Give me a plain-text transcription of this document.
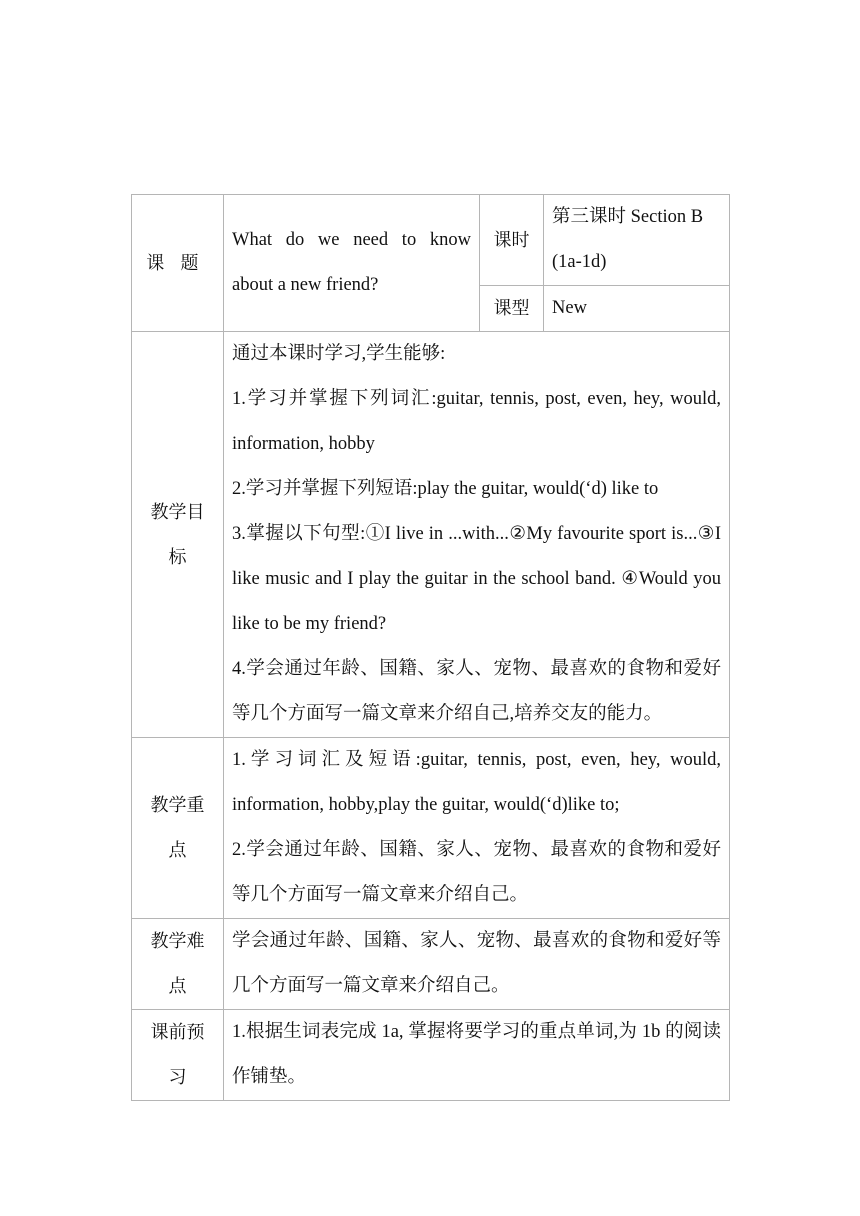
课题	What do we need to know about a new friend?	课时	第三课时 Section B (1a-1d)
		课型	New
教学目标	通过本课时学习,学生能够:

1.学习并掌握下列词汇:guitar, tennis, post, even, hey, would, information, hobby

2.学习并掌握下列短语:play the guitar, would(‘d) like to

3.掌握以下句型:①I live in ...with...②My favourite sport is...③I like music and I play the guitar in the school band. ④Would you like to be my friend?

4.学会通过年龄、国籍、家人、宠物、最喜欢的食物和爱好等几个方面写一篇文章来介绍自己,培养交友的能力。		

教学重点	1.学习词汇及短语:guitar, tennis, post, even, hey, would, information, hobby,play the guitar, would(‘d)like to;

2.学会通过年龄、国籍、家人、宠物、最喜欢的食物和爱好等几个方面写一篇文章来介绍自己。		

教学难点	学会通过年龄、国籍、家人、宠物、最喜欢的食物和爱好等几个方面写一篇文章来介绍自己。		

课前预习	1.根据生词表完成 1a, 掌握将要学习的重点单词,为 1b 的阅读作铺垫。		
